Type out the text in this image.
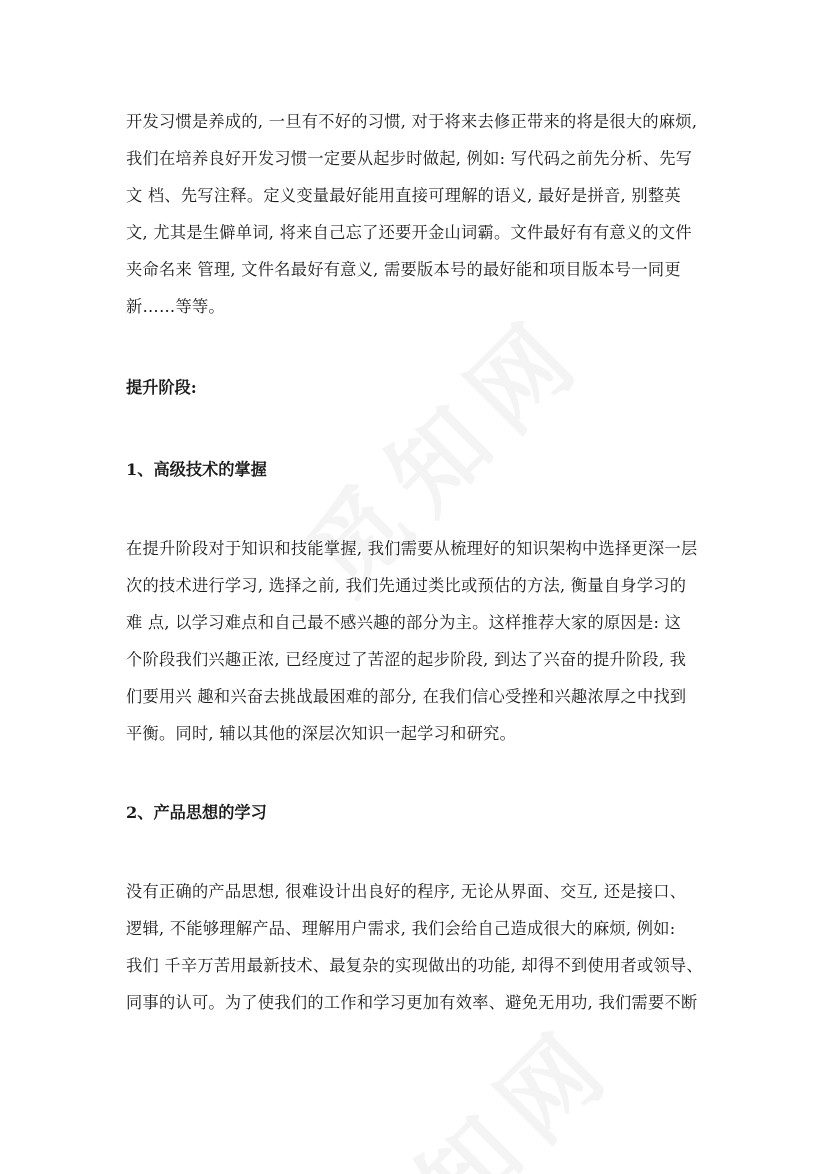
开发习惯是养成的, 一旦有不好的习惯, 对于将来去修正带来的将是很大的麻烦,
我们在培养良好开发习惯一定要从起步时做起, 例如: 写代码之前先分析、先写
文 档、先写注释。定义变量最好能用直接可理解的语义, 最好是拼音, 别整英
文, 尤其是生僻单词, 将来自己忘了还要开金山词霸。文件最好有有意义的文件
夹命名来 管理, 文件名最好有意义, 需要版本号的最好能和项目版本号一同更
新……等等。

提升阶段:
1、高级技术的掌握

在提升阶段对于知识和技能掌握, 我们需要从梳理好的知识架构中选择更深一层
次的技术进行学习, 选择之前, 我们先通过类比或预估的方法, 衡量自身学习的
难 点, 以学习难点和自己最不感兴趣的部分为主。这样推荐大家的原因是: 这
个阶段我们兴趣正浓, 已经度过了苦涩的起步阶段, 到达了兴奋的提升阶段, 我
们要用兴 趣和兴奋去挑战最困难的部分, 在我们信心受挫和兴趣浓厚之中找到
平衡。同时, 辅以其他的深层次知识一起学习和研究。

2、产品思想的学习

没有正确的产品思想, 很难设计出良好的程序, 无论从界面、交互, 还是接口、
逻辑, 不能够理解产品、理解用户需求, 我们会给自己造成很大的麻烦, 例如:
我们 千辛万苦用最新技术、最复杂的实现做出的功能, 却得不到使用者或领导、
同事的认可。为了使我们的工作和学习更加有效率、避免无用功, 我们需要不断
